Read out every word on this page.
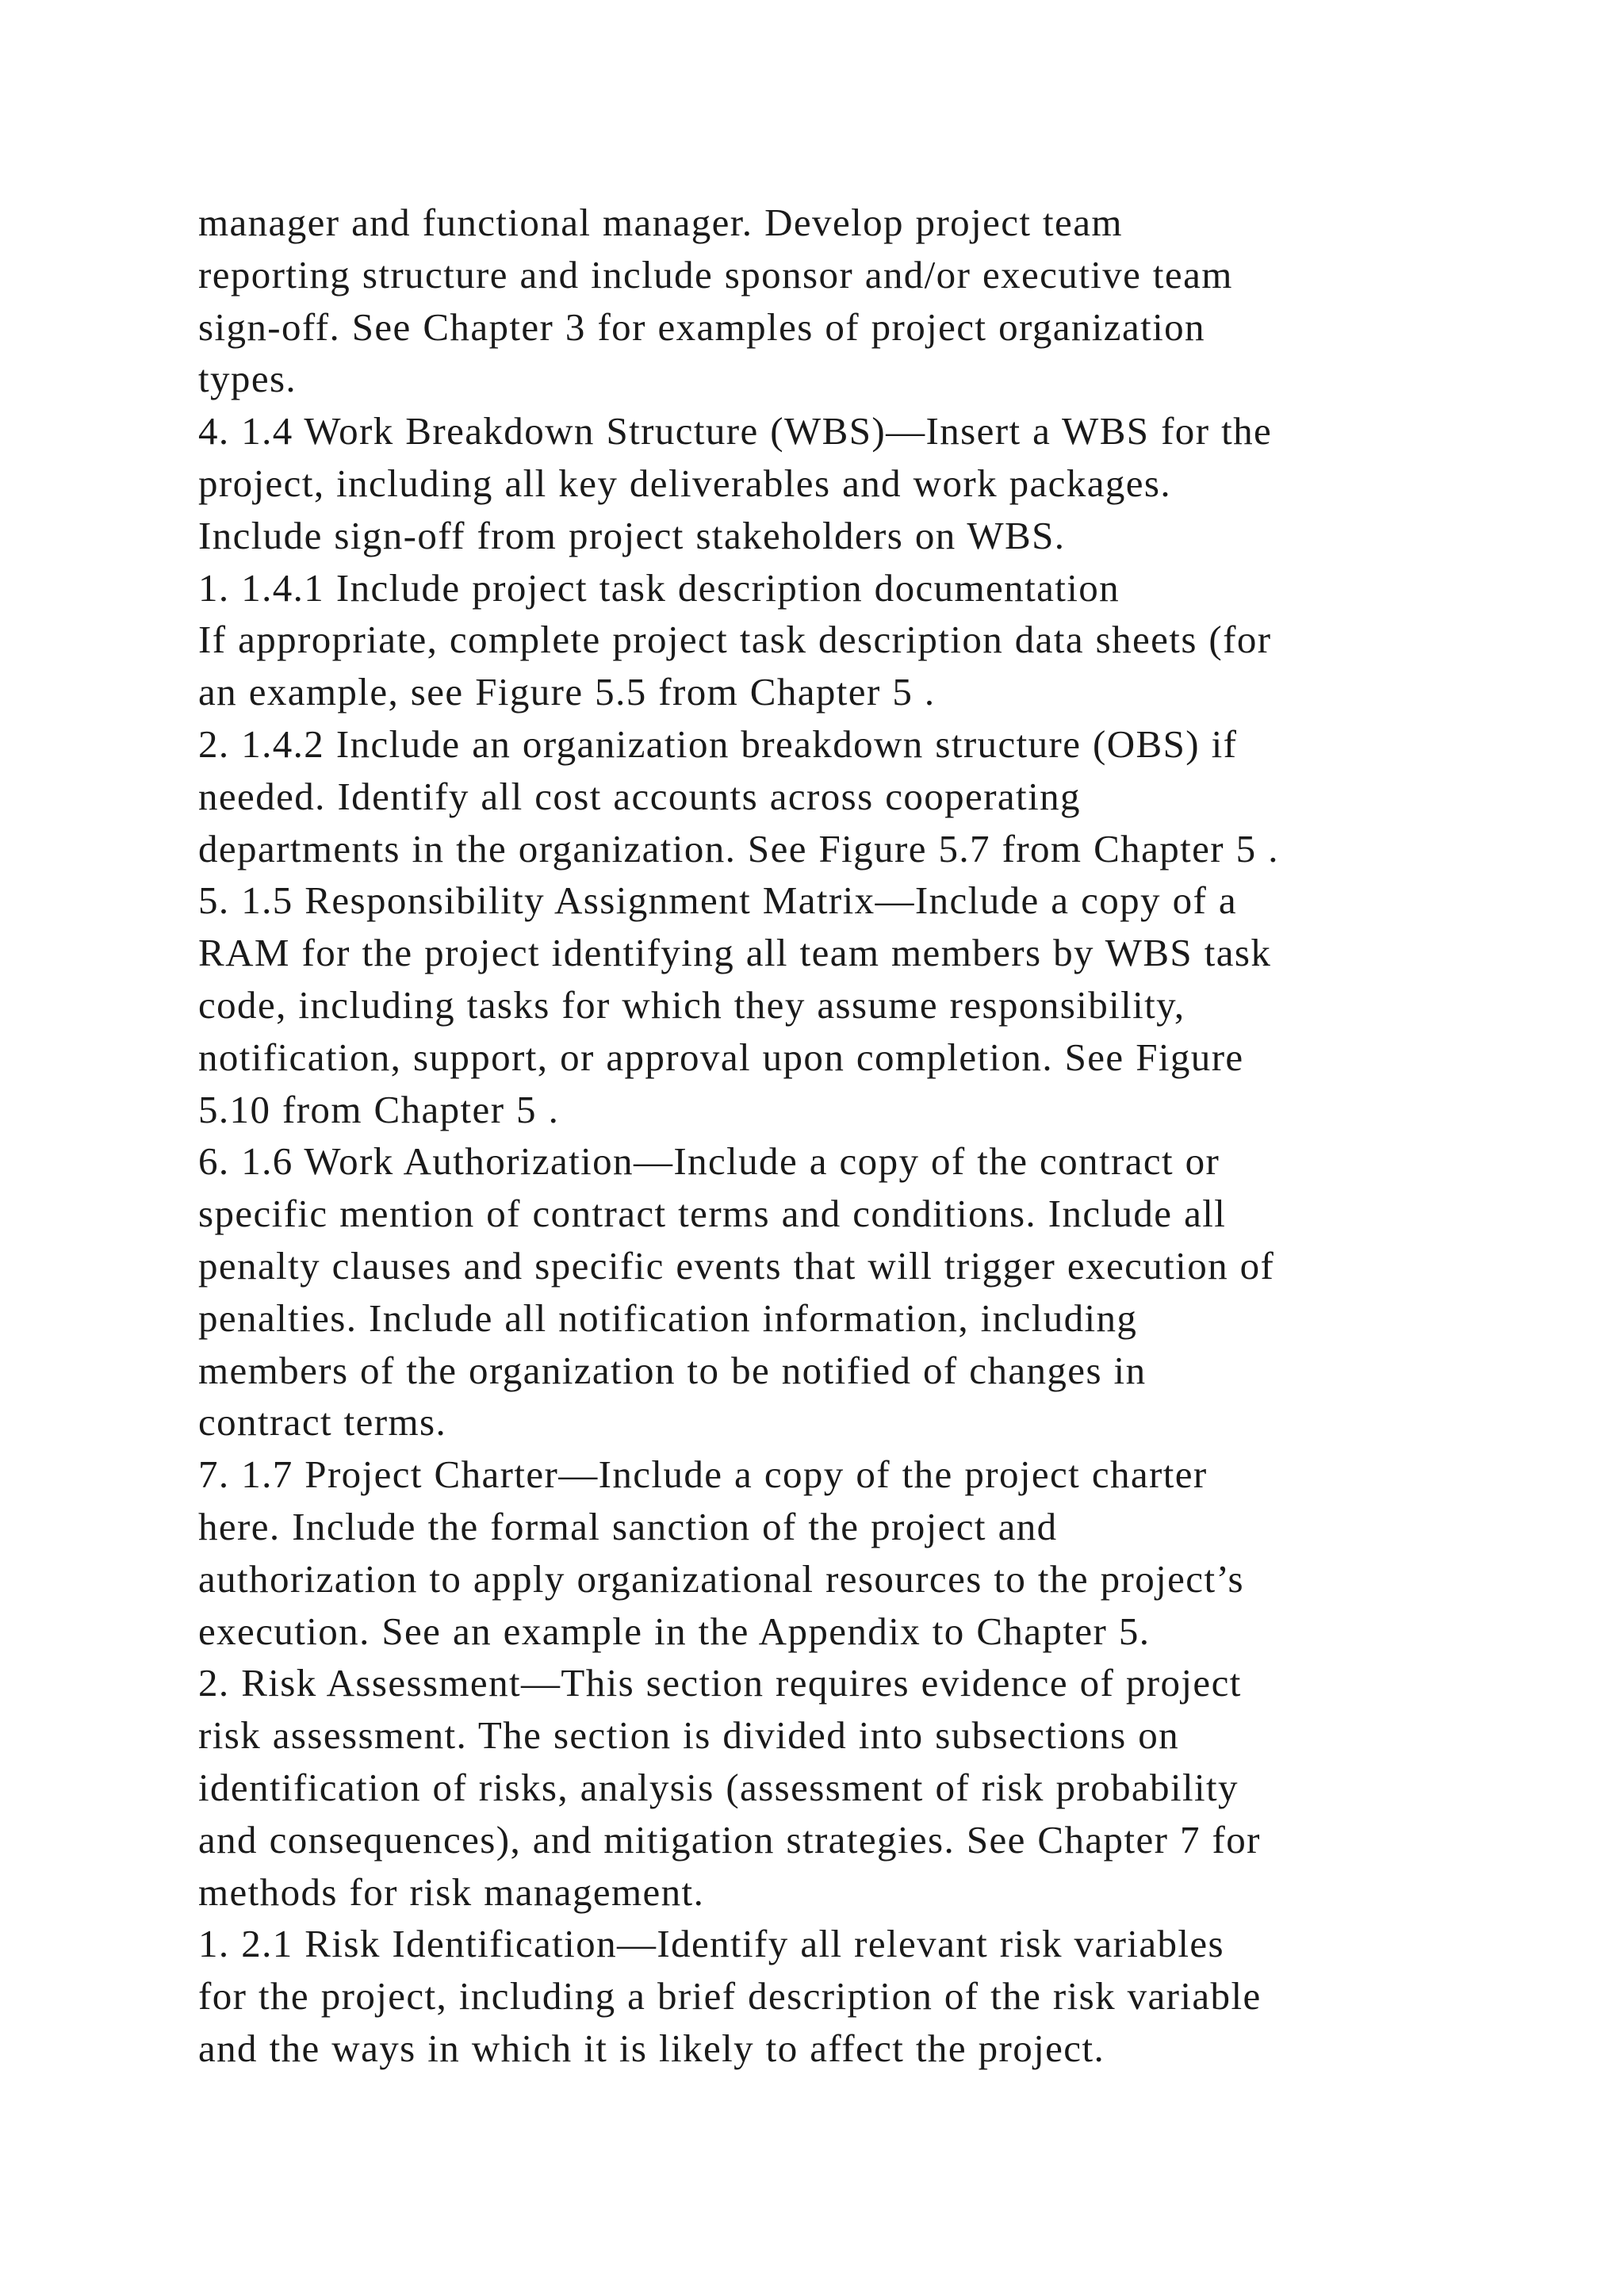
manager and functional manager. Develop project team
reporting structure and include sponsor and/or executive team
sign-off. See Chapter 3 for examples of project organization
types.
4. 1.4 Work Breakdown Structure (WBS)—Insert a WBS for the
project, including all key deliverables and work packages.
Include sign-off from project stakeholders on WBS.
1. 1.4.1 Include project task description documentation
If appropriate, complete project task description data sheets (for
an example, see Figure 5.5 from Chapter 5 .
2. 1.4.2 Include an organization breakdown structure (OBS) if
needed. Identify all cost accounts across cooperating
departments in the organization. See Figure 5.7 from Chapter 5 .
5. 1.5 Responsibility Assignment Matrix—Include a copy of a
RAM for the project identifying all team members by WBS task
code, including tasks for which they assume responsibility,
notification, support, or approval upon completion. See Figure
5.10 from Chapter 5 .
6. 1.6 Work Authorization—Include a copy of the contract or
specific mention of contract terms and conditions. Include all
penalty clauses and specific events that will trigger execution of
penalties. Include all notification information, including
members of the organization to be notified of changes in
contract terms.
7. 1.7 Project Charter—Include a copy of the project charter
here. Include the formal sanction of the project and
authorization to apply organizational resources to the project’s
execution. See an example in the Appendix to Chapter 5.
2. Risk Assessment—This section requires evidence of project
risk assessment. The section is divided into subsections on
identification of risks, analysis (assessment of risk probability
and consequences), and mitigation strategies. See Chapter 7 for
methods for risk management.
1. 2.1 Risk Identification—Identify all relevant risk variables
for the project, including a brief description of the risk variable
and the ways in which it is likely to affect the project.
